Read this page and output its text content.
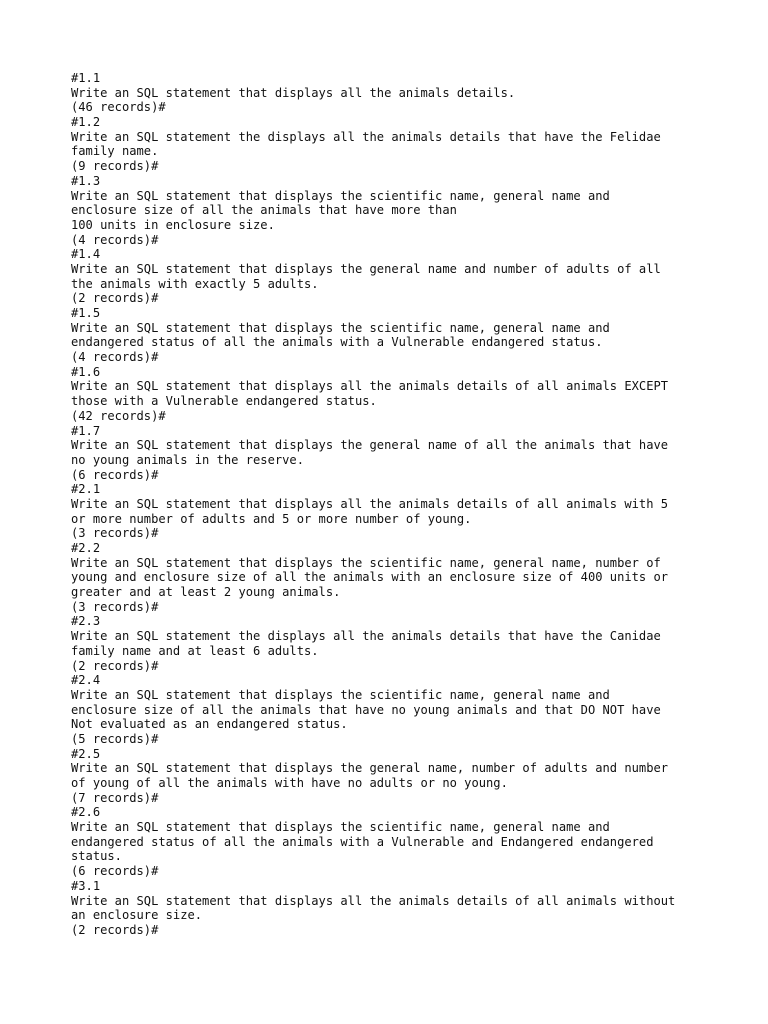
#1.1
Write an SQL statement that displays all the animals details.
(46 records)#
#1.2
Write an SQL statement the displays all the animals details that have the Felidae
family name.
(9 records)#
#1.3
Write an SQL statement that displays the scientific name, general name and
enclosure size of all the animals that have more than
100 units in enclosure size.
(4 records)#
#1.4
Write an SQL statement that displays the general name and number of adults of all
the animals with exactly 5 adults.
(2 records)#
#1.5
Write an SQL statement that displays the scientific name, general name and
endangered status of all the animals with a Vulnerable endangered status.
(4 records)#
#1.6
Write an SQL statement that displays all the animals details of all animals EXCEPT
those with a Vulnerable endangered status.
(42 records)#
#1.7
Write an SQL statement that displays the general name of all the animals that have
no young animals in the reserve.
(6 records)#
#2.1
Write an SQL statement that displays all the animals details of all animals with 5
or more number of adults and 5 or more number of young.
(3 records)#
#2.2
Write an SQL statement that displays the scientific name, general name, number of
young and enclosure size of all the animals with an enclosure size of 400 units or
greater and at least 2 young animals.
(3 records)#
#2.3
Write an SQL statement the displays all the animals details that have the Canidae
family name and at least 6 adults.
(2 records)#
#2.4
Write an SQL statement that displays the scientific name, general name and
enclosure size of all the animals that have no young animals and that DO NOT have
Not evaluated as an endangered status.
(5 records)#
#2.5
Write an SQL statement that displays the general name, number of adults and number
of young of all the animals with have no adults or no young.
(7 records)#
#2.6
Write an SQL statement that displays the scientific name, general name and
endangered status of all the animals with a Vulnerable and Endangered endangered
status.
(6 records)#
#3.1
Write an SQL statement that displays all the animals details of all animals without
an enclosure size.
(2 records)#
